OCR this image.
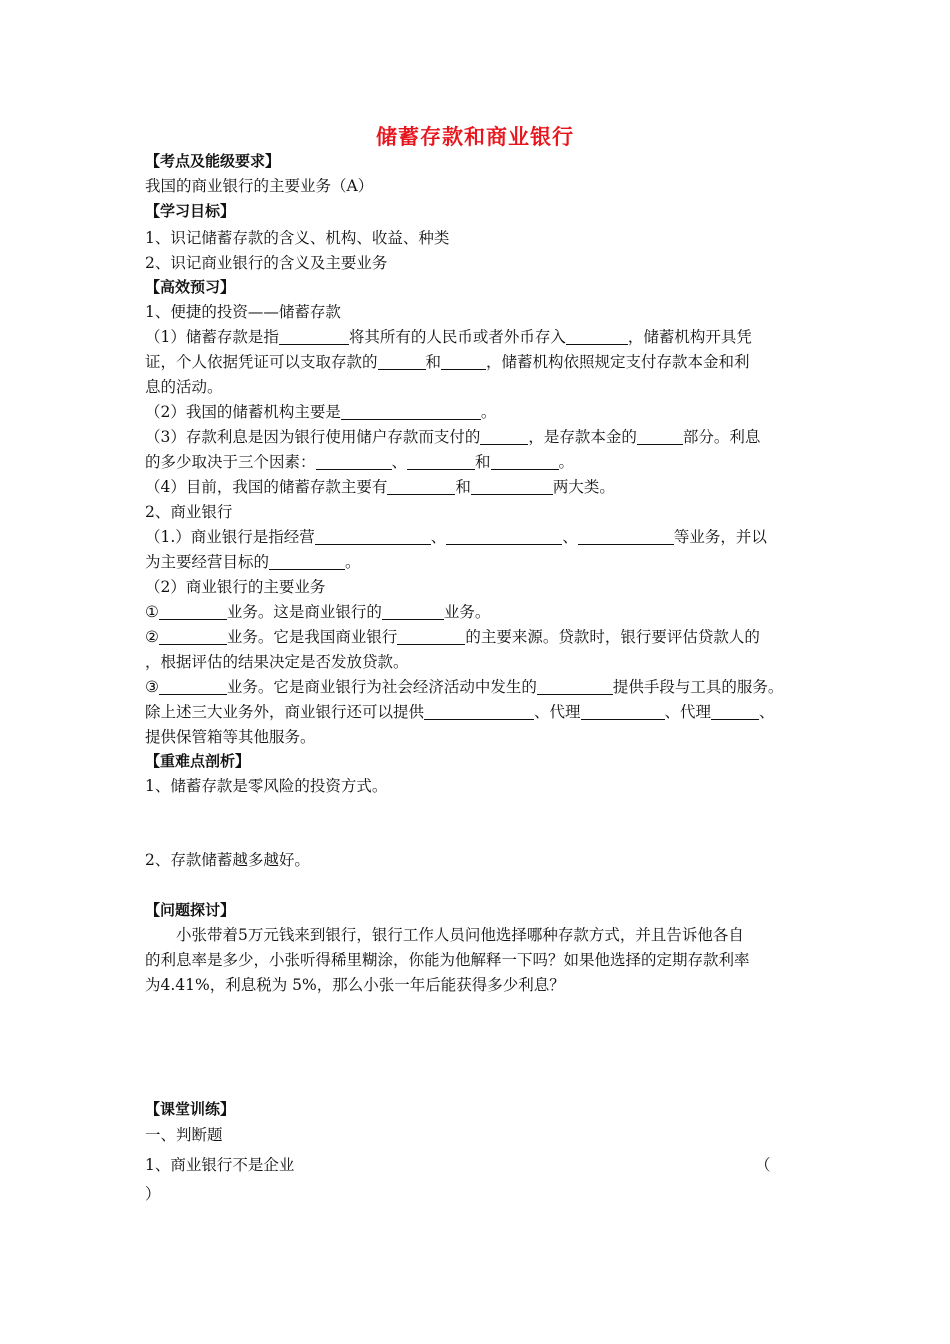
储蓄存款和商业银行
【考点及能级要求】
我国的商业银行的主要业务（A）
【学习目标】
1、识记储蓄存款的含义、机构、收益、种类
2、识记商业银行的含义及主要业务
【高效预习】
1、便捷的投资——储蓄存款
（1）储蓄存款是指	将其所有的人民币或者外币存入	，储蓄机构开具凭
证，个人依据凭证可以支取存款的	和	，储蓄机构依照规定支付存款本金和利
息的活动。
（2）我国的储蓄机构主要是	。
（3）存款利息是因为银行使用储户存款而支付的	，是存款本金的	部分。利息
的多少取决于三个因素：	、	和	。
（4）目前，我国的储蓄存款主要有	和	两大类。
2、商业银行
（1.）商业银行是指经营	、	、	等业务，并以
为主要经营目标的	。
（2）商业银行的主要业务
①	业务。这是商业银行的	业务。
②	业务。它是我国商业银行	的主要来源。贷款时，银行要评估贷款人的
，根据评估的结果决定是否发放贷款。
③	业务。它是商业银行为社会经济活动中发生的	提供手段与工具的服务。
除上述三大业务外，商业银行还可以提供	、代理	、代理	、
提供保管箱等其他服务。
【重难点剖析】
1、储蓄存款是零风险的投资方式。
2、存款储蓄越多越好。
【问题探讨】
小张带着5万元钱来到银行，银行工作人员问他选择哪种存款方式，并且告诉他各自
的利息率是多少，小张听得稀里糊涂，你能为他解释一下吗？如果他选择的定期存款利率
为4.41%，利息税为 5%，那么小张一年后能获得多少利息？
【课堂训练】
一、判断题
1、商业银行不是企业	（
）
